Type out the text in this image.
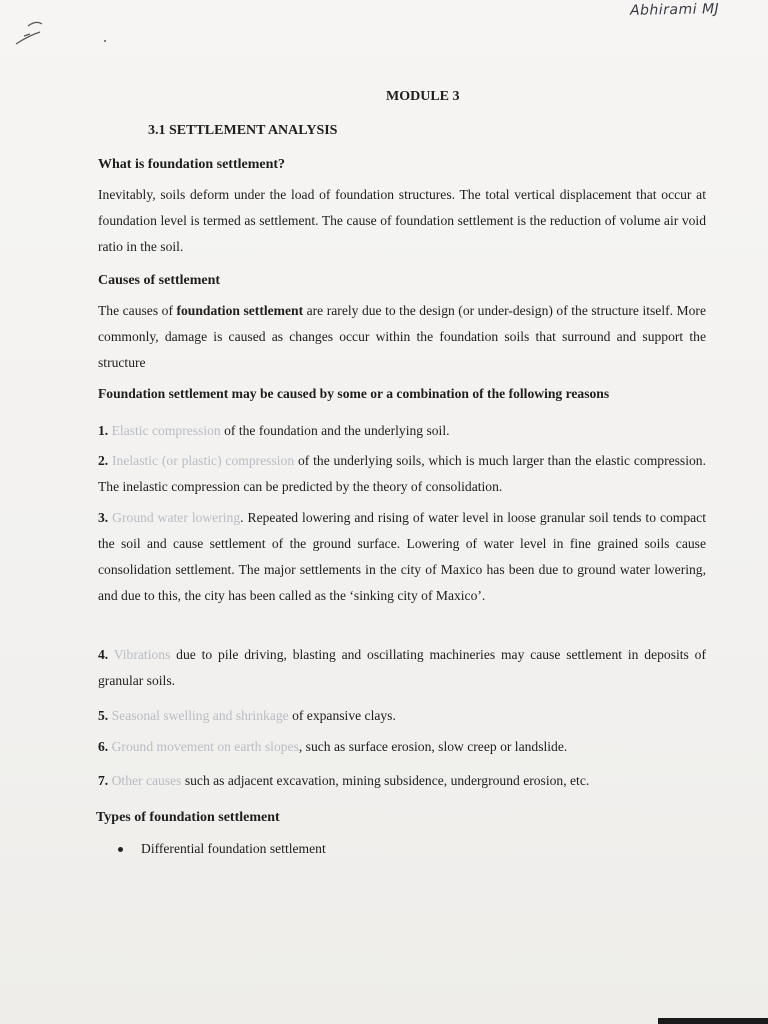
Abhirami MJ
MODULE 3
3.1 SETTLEMENT ANALYSIS
What is foundation settlement?
Inevitably, soils deform under the load of foundation structures. The total vertical displacement that occur at foundation level is termed as settlement. The cause of foundation settlement is the reduction of volume air void ratio in the soil.
Causes of settlement
The causes of foundation settlement are rarely due to the design (or under-design) of the structure itself. More commonly, damage is caused as changes occur within the foundation soils that surround and support the structure
Foundation settlement may be caused by some or a combination of the following reasons
1. Elastic compression of the foundation and the underlying soil.
2. Inelastic (or plastic) compression of the underlying soils, which is much larger than the elastic compression. The inelastic compression can be predicted by the theory of consolidation.
3. Ground water lowering. Repeated lowering and rising of water level in loose granular soil tends to compact the soil and cause settlement of the ground surface. Lowering of water level in fine grained soils cause consolidation settlement. The major settlements in the city of Maxico has been due to ground water lowering, and due to this, the city has been called as the ‘sinking city of Maxico’.
4. Vibrations due to pile driving, blasting and oscillating machineries may cause settlement in deposits of granular soils.
5. Seasonal swelling and shrinkage of expansive clays.
6. Ground movement on earth slopes, such as surface erosion, slow creep or landslide.
7. Other causes such as adjacent excavation, mining subsidence, underground erosion, etc.
Types of foundation settlement
Differential foundation settlement
